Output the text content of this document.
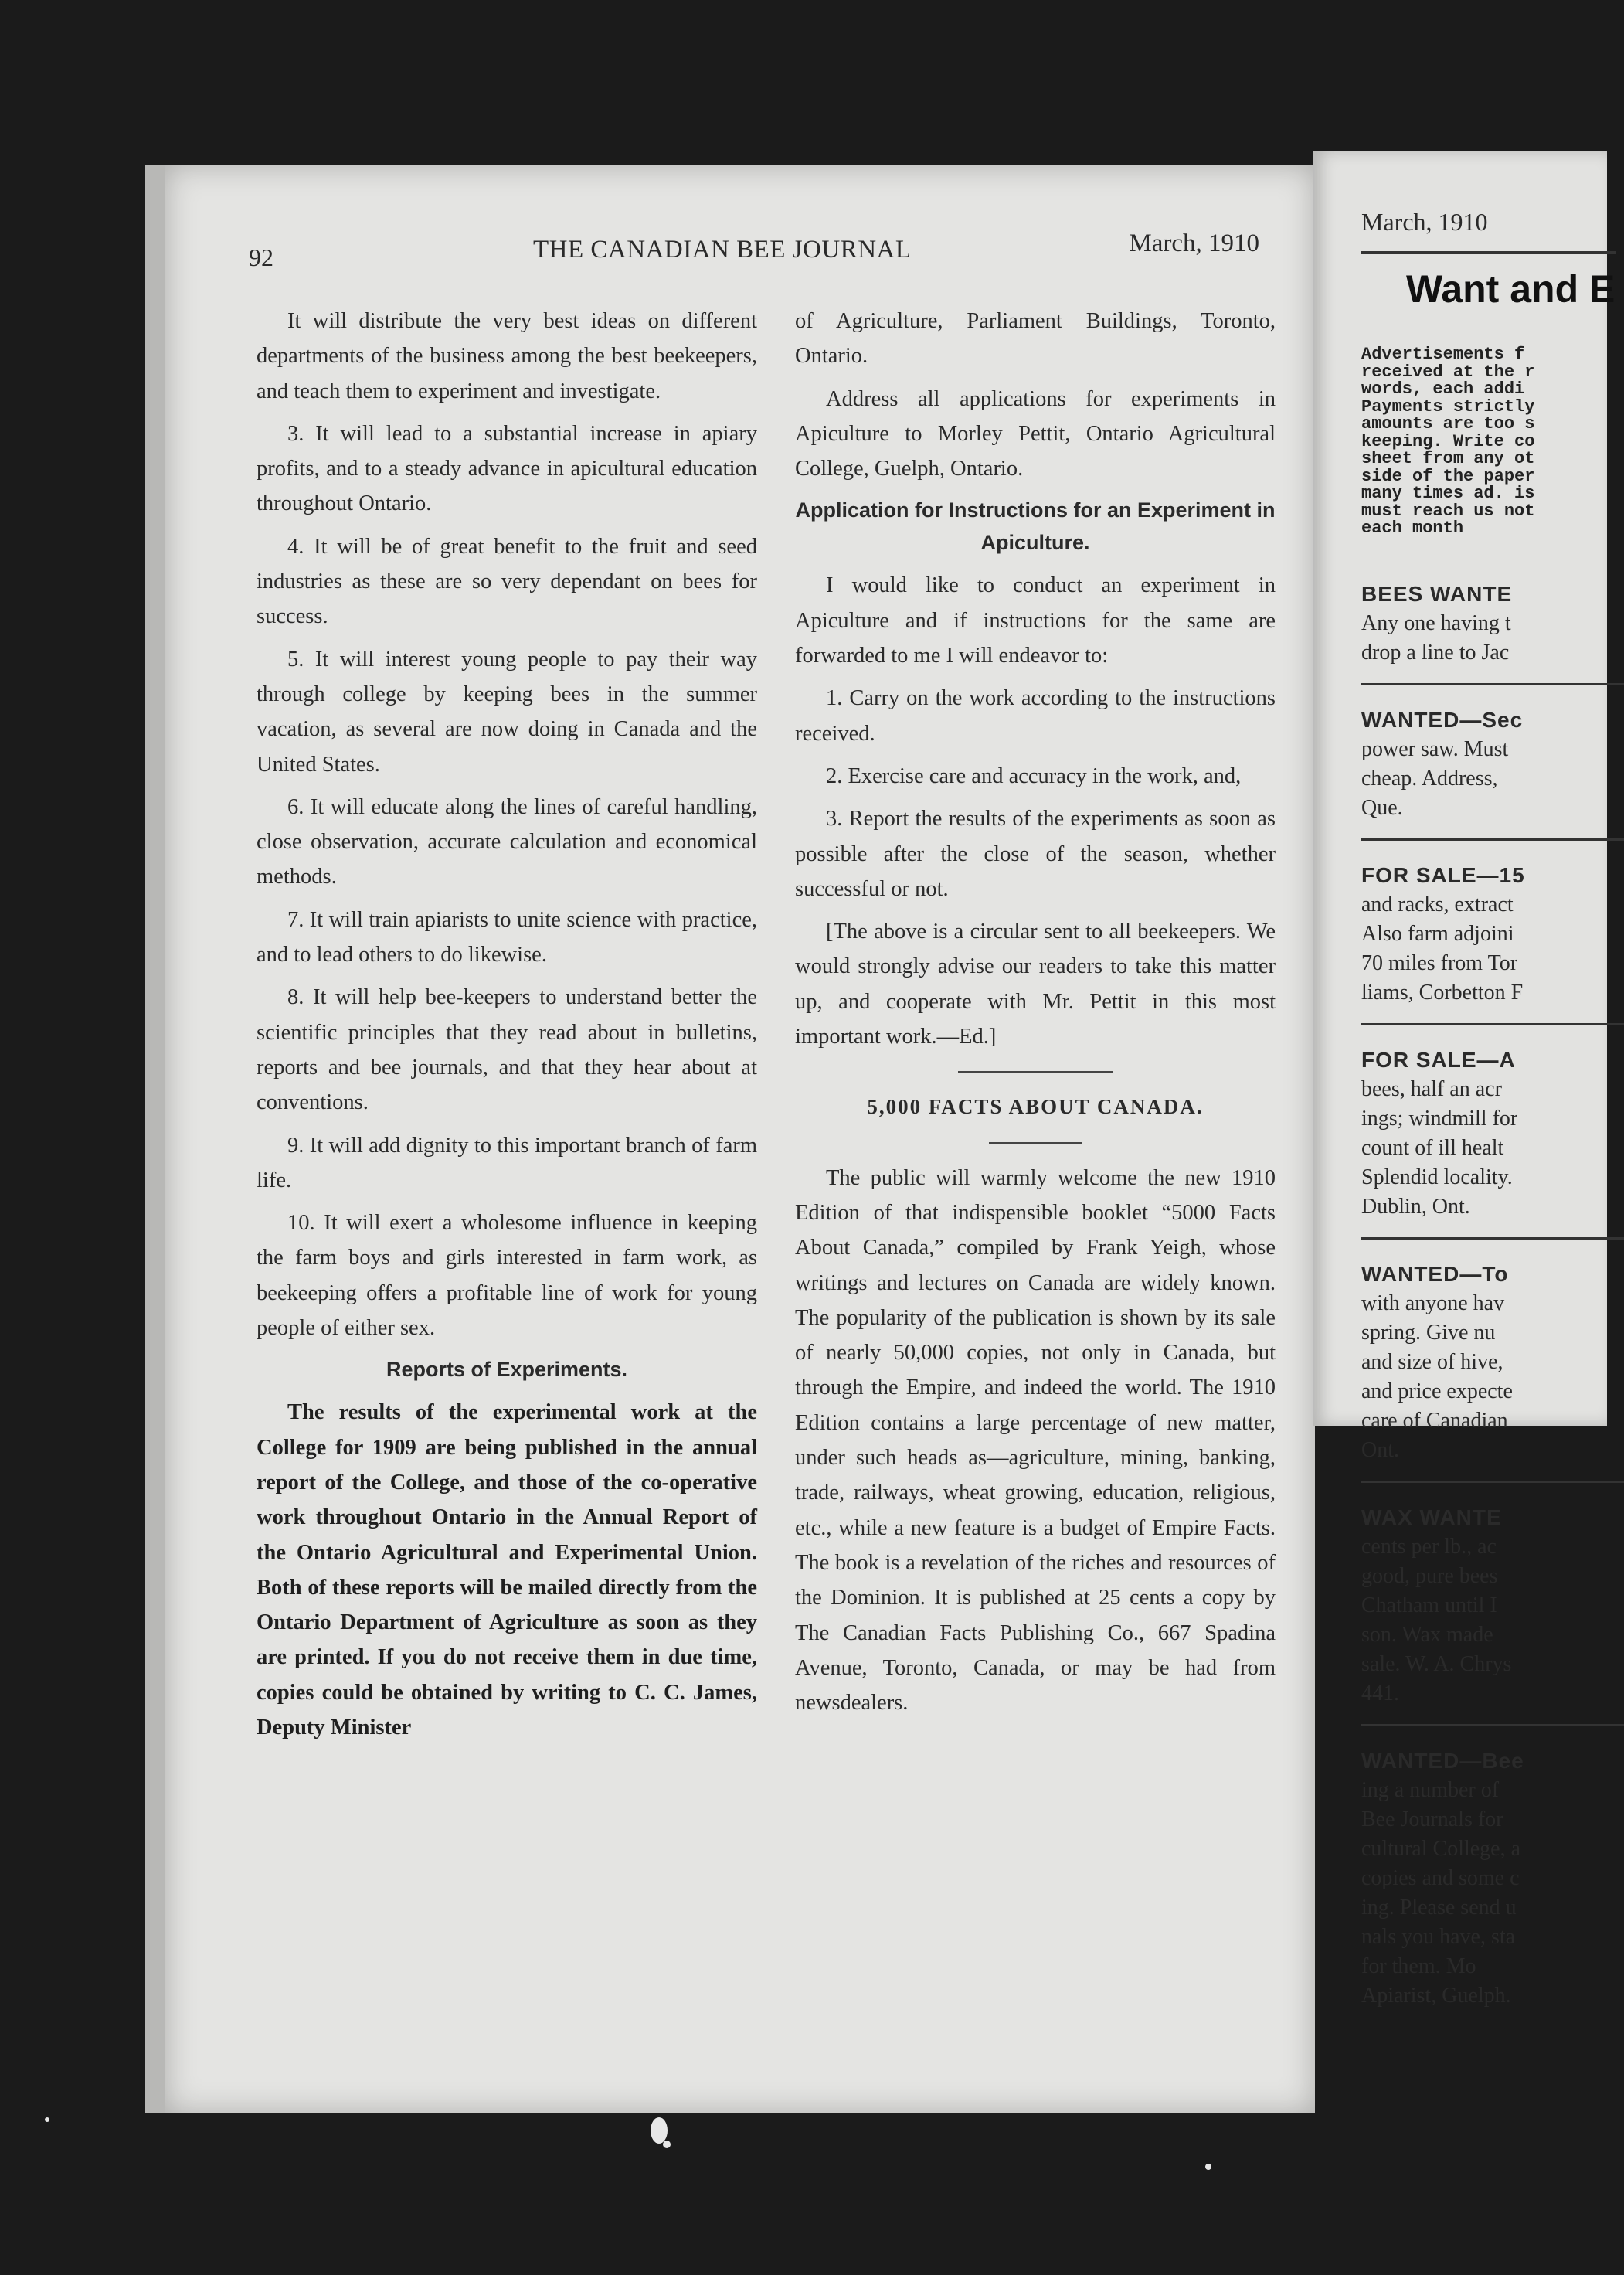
92	THE CANADIAN BEE JOURNAL	March, 1910

It will distribute the very best ideas on different departments of the business among the best beekeepers, and teach them to experiment and investigate.

3. It will lead to a substantial increase in apiary profits, and to a steady advance in apicultural education throughout Ontario.

4. It will be of great benefit to the fruit and seed industries as these are so very dependant on bees for success.

5. It will interest young people to pay their way through college by keeping bees in the summer vacation, as several are now doing in Canada and the United States.

6. It will educate along the lines of careful handling, close observation, accurate calculation and economical methods.

7. It will train apiarists to unite science with practice, and to lead others to do likewise.

8. It will help bee-keepers to understand better the scientific principles that they read about in bulletins, reports and bee journals, and that they hear about at conventions.

9. It will add dignity to this important branch of farm life.

10. It will exert a wholesome influence in keeping the farm boys and girls interested in farm work, as beekeeping offers a profitable line of work for young people of either sex.

Reports of Experiments.

The results of the experimental work at the College for 1909 are being published in the annual report of the College, and those of the co-operative work throughout Ontario in the Annual Report of the Ontario Agricultural and Experimental Union. Both of these reports will be mailed directly from the Ontario Department of Agriculture as soon as they are printed. If you do not receive them in due time, copies could be obtained by writing to C. C. James, Deputy Minister

of Agriculture, Parliament Buildings, Toronto, Ontario.

Address all applications for experiments in Apiculture to Morley Pettit, Ontario Agricultural College, Guelph, Ontario.

Application for Instructions for an Experiment in Apiculture.

I would like to conduct an experiment in Apiculture and if instructions for the same are forwarded to me I will endeavor to:

1. Carry on the work according to the instructions received.

2. Exercise care and accuracy in the work, and,

3. Report the results of the experiments as soon as possible after the close of the season, whether successful or not.

[The above is a circular sent to all beekeepers. We would strongly advise our readers to take this matter up, and cooperate with Mr. Pettit in this most important work.—Ed.]

5,000 FACTS ABOUT CANADA.

The public will warmly welcome the new 1910 Edition of that indispensible booklet “5000 Facts About Canada,” compiled by Frank Yeigh, whose writings and lectures on Canada are widely known. The popularity of the publication is shown by its sale of nearly 50,000 copies, not only in Canada, but through the Empire, and indeed the world. The 1910 Edition contains a large percentage of new matter, under such heads as—agriculture, mining, banking, trade, railways, wheat growing, education, religious, etc., while a new feature is a budget of Empire Facts. The book is a revelation of the riches and resources of the Dominion. It is published at 25 cents a copy by The Canadian Facts Publishing Co., 667 Spadina Avenue, Toronto, Canada, or may be had from newsdealers.

March, 1910
Want and E
Advertisements f
received at the r
words, each addi
Payments strictly
amounts are too s
keeping. Write co
sheet from any ot
side of the paper
many times ad. is
must reach us not
each month
BEES WANTE
Any one having t
drop a line to Jac
WANTED—Sec
power saw. Must
cheap. Address,
Que.
FOR SALE—15
and racks, extract
Also farm adjoini
70 miles from Tor
liams, Corbetton F
FOR SALE—A
bees, half an acr
ings; windmill for
count of ill healt
Splendid locality.
Dublin, Ont.
WANTED—To
with anyone hav
spring. Give nu
and size of hive,
and price expecte
care of Canadian
Ont.
WAX WANTE
cents per lb., ac
good, pure bees
Chatham until I
son. Wax made
sale. W. A. Chrys
441.
WANTED—Bee
ing a number of
Bee Journals for
cultural College, a
copies and some c
ing. Please send u
nals you have, sta
for them. Mo
Apiarist, Guelph.
